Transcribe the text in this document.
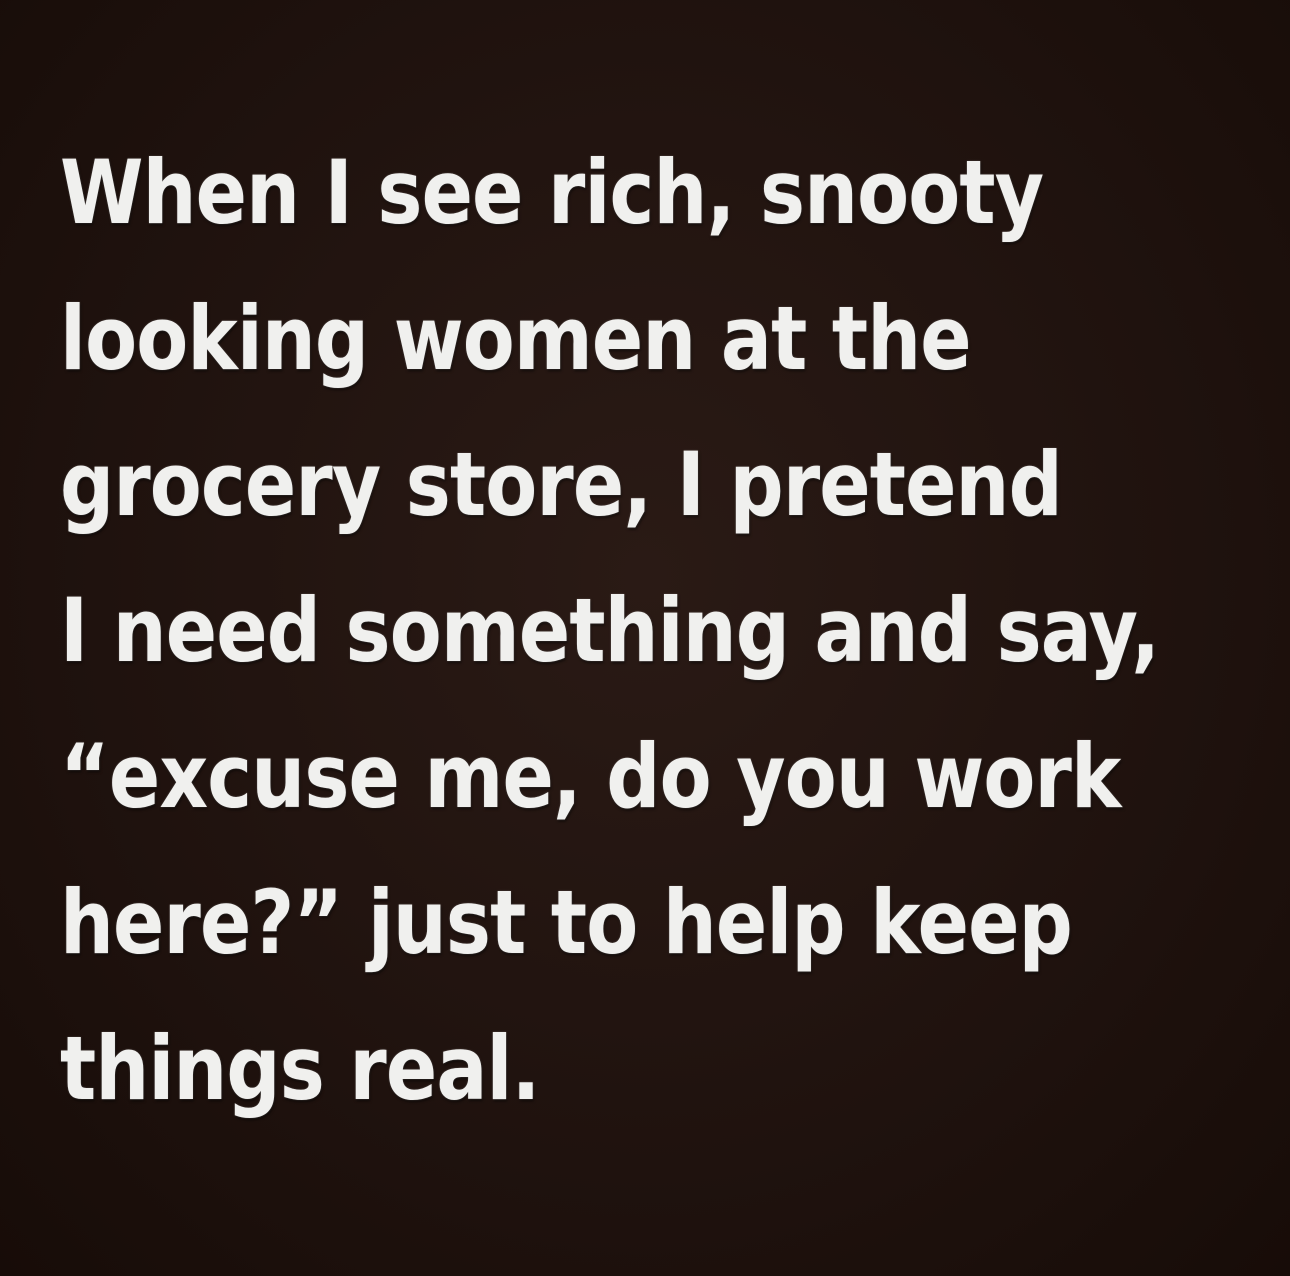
When I see rich, snooty
looking women at the
grocery store, I pretend
I need something and say,
“excuse me, do you work
here?” just to help keep
things real.
